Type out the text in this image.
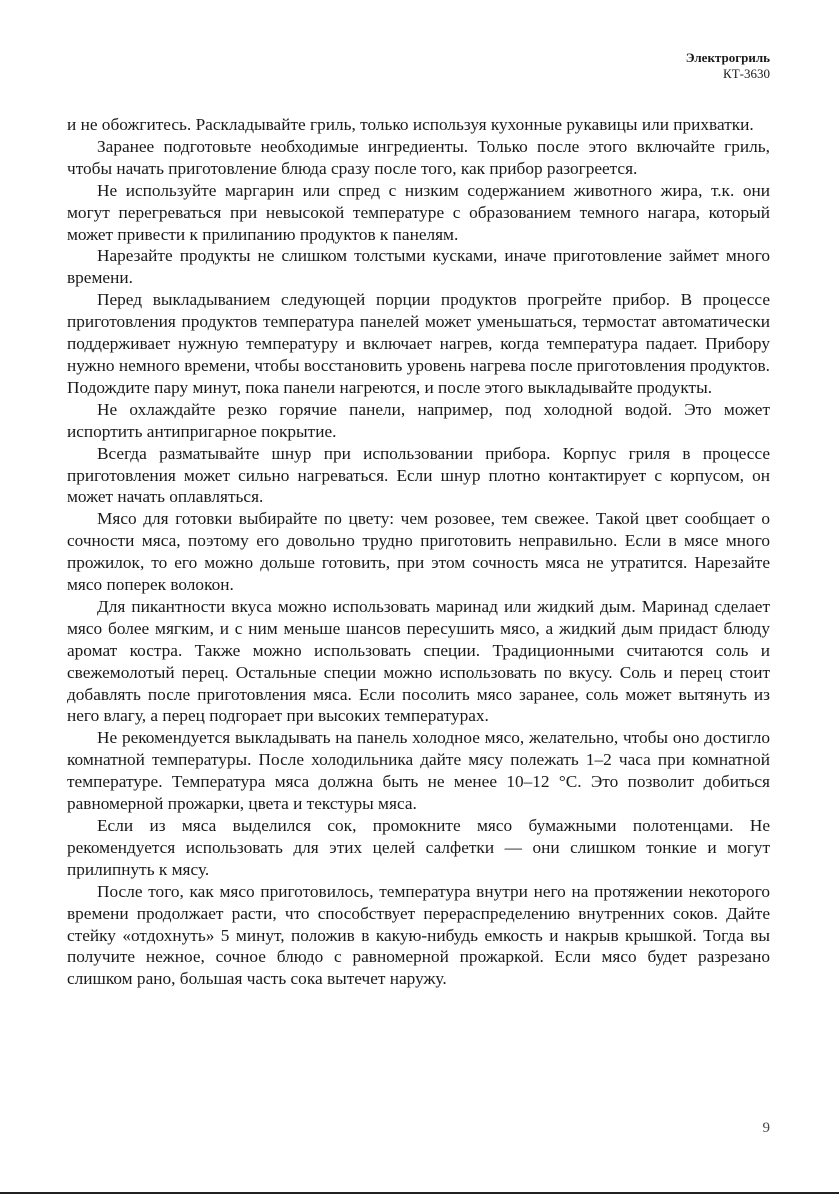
Электрогриль
КТ-3630

и не обожгитесь. Раскладывайте гриль, только используя кухонные рукавицы или прихватки.

Заранее подготовьте необходимые ингредиенты. Только после этого включайте гриль, чтобы начать приготовление блюда сразу после того, как прибор разогреется.

Не используйте маргарин или спред с низким содержанием животного жира, т.к. они могут перегреваться при невысокой температуре с образованием темного нагара, который может привести к прилипанию продуктов к панелям.

Нарезайте продукты не слишком толстыми кусками, иначе приготовление займет много времени.

Перед выкладыванием следующей порции продуктов прогрейте прибор. В процессе приготовления продуктов температура панелей может уменьшаться, термостат автоматически поддерживает нужную температуру и включает нагрев, когда температура падает. Прибору нужно немного времени, чтобы восстановить уровень нагрева после приготовления продуктов. Подождите пару минут, пока панели нагреются, и после этого выкладывайте продукты.

Не охлаждайте резко горячие панели, например, под холодной водой. Это может испортить антипригарное покрытие.

Всегда разматывайте шнур при использовании прибора. Корпус гриля в процессе приготовления может сильно нагреваться. Если шнур плотно контактирует с корпусом, он может начать оплавляться.

Мясо для готовки выбирайте по цвету: чем розовее, тем свежее. Такой цвет сообщает о сочности мяса, поэтому его довольно трудно приготовить неправильно. Если в мясе много прожилок, то его можно дольше готовить, при этом сочность мяса не утратится. Нарезайте мясо поперек волокон.

Для пикантности вкуса можно использовать маринад или жидкий дым. Маринад сделает мясо более мягким, и с ним меньше шансов пересушить мясо, а жидкий дым придаст блюду аромат костра. Также можно использовать специи. Традиционными считаются соль и свежемолотый перец. Остальные специи можно использовать по вкусу. Соль и перец стоит добавлять после приготовления мяса. Если посолить мясо заранее, соль может вытянуть из него влагу, а перец подгорает при высоких температурах.

Не рекомендуется выкладывать на панель холодное мясо, желательно, чтобы оно достигло комнатной температуры. После холодильника дайте мясу полежать 1–2 часа при комнатной температуре. Температура мяса должна быть не менее 10–12 °С. Это позволит добиться равномерной прожарки, цвета и текстуры мяса.

Если из мяса выделился сок, промокните мясо бумажными полотенцами. Не рекомендуется использовать для этих целей салфетки — они слишком тонкие и могут прилипнуть к мясу.

После того, как мясо приготовилось, температура внутри него на протяжении некоторого времени продолжает расти, что способствует перераспределению внутренних соков. Дайте стейку «отдохнуть» 5 минут, положив в какую-нибудь емкость и накрыв крышкой. Тогда вы получите нежное, сочное блюдо с равномерной прожаркой. Если мясо будет разрезано слишком рано, большая часть сока вытечет наружу.

9
